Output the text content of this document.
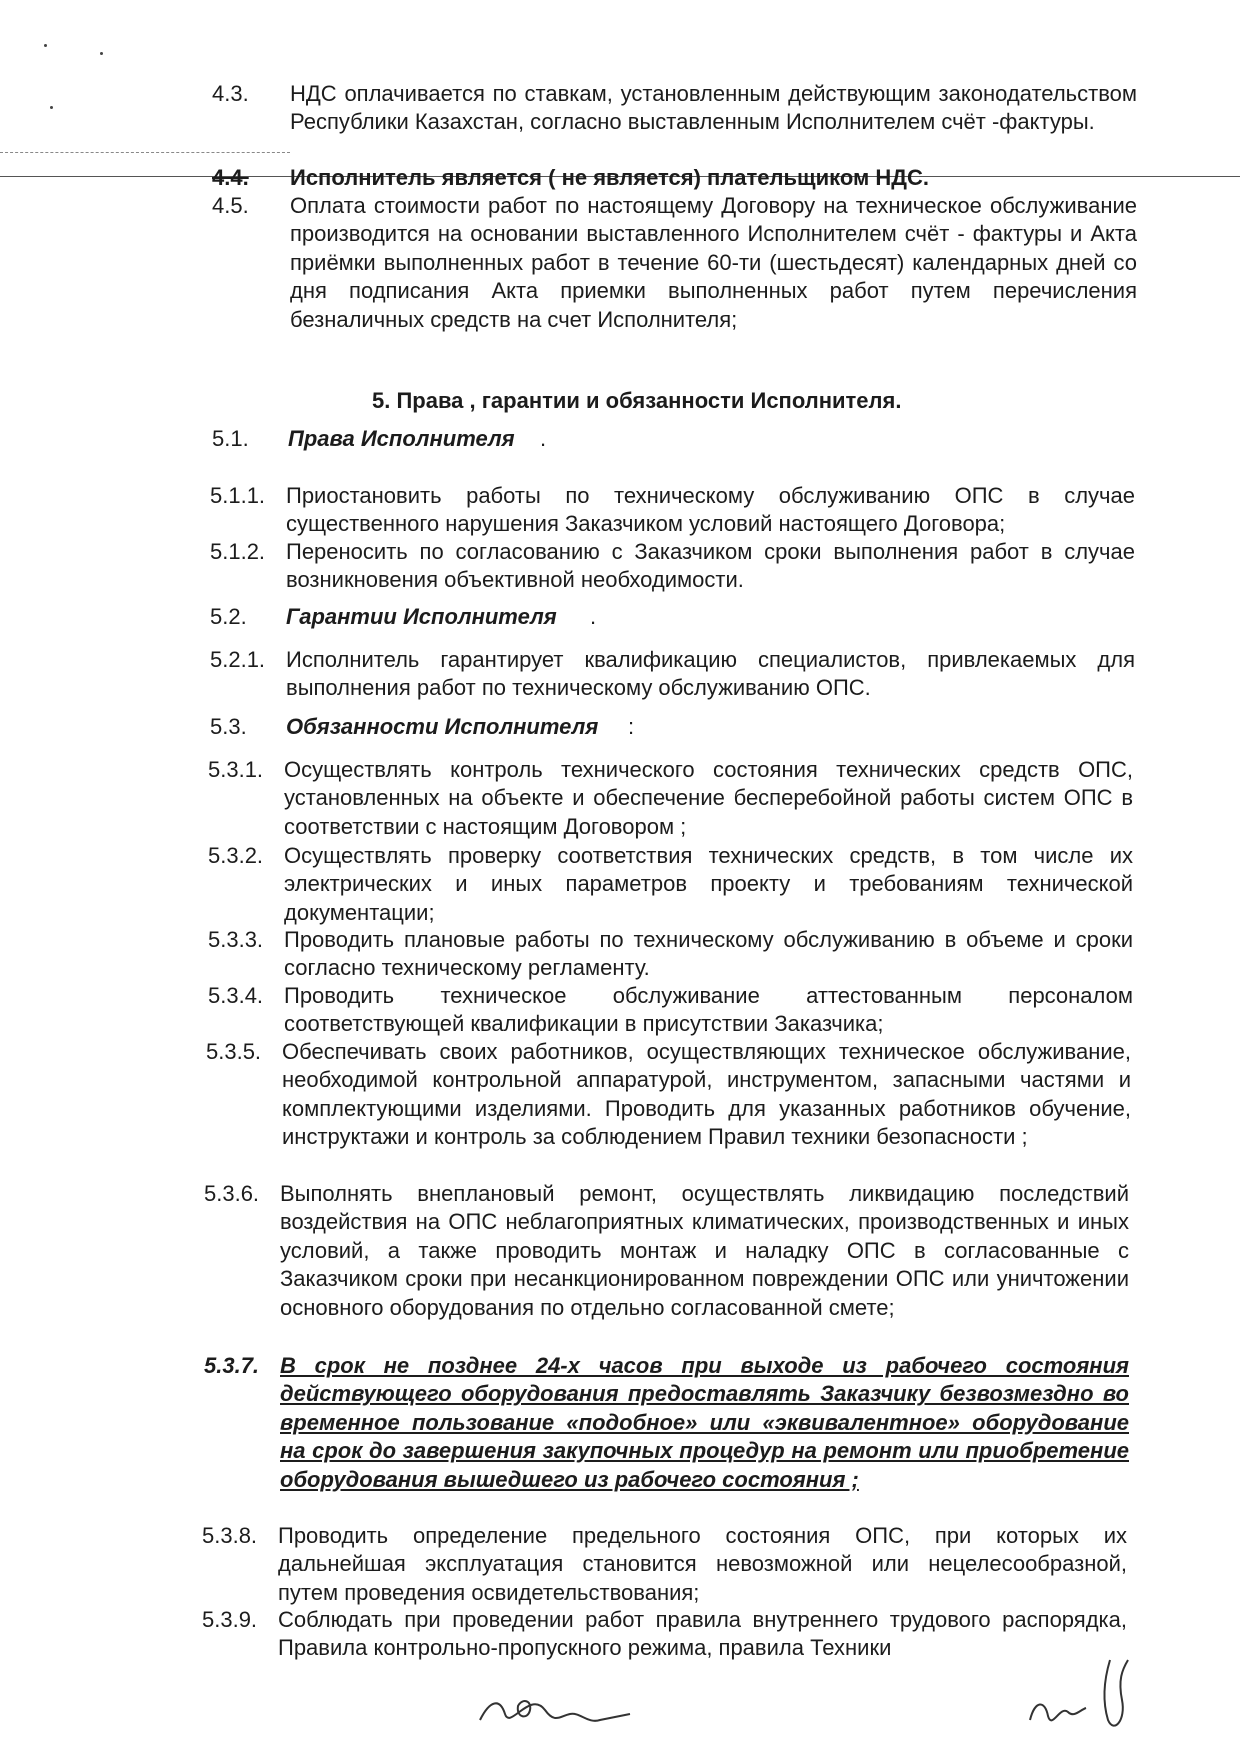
4.3. НДС оплачивается по ставкам, установленным действующим законодательством Республики Казахстан, согласно выставленным Исполнителем счёт -фактуры.
4.4. Исполнитель является ( не является) плательщиком НДС.
4.5. Оплата стоимости работ по настоящему Договору на техническое обслуживание производится на основании выставленного Исполнителем счёт - фактуры и Акта приёмки выполненных работ в течение 60-ти (шестьдесят) календарных дней со дня подписания Акта приемки выполненных работ путем перечисления безналичных средств на счет Исполнителя;
5. Права , гарантии и обязанности Исполнителя.
5.1. Права Исполнителя .
5.1.1. Приостановить работы по техническому обслуживанию ОПС в случае существенного нарушения Заказчиком условий настоящего Договора;
5.1.2. Переносить по согласованию с Заказчиком сроки выполнения работ в случае возникновения объективной необходимости.
5.2. Гарантии Исполнителя .
5.2.1. Исполнитель гарантирует квалификацию специалистов, привлекаемых для выполнения работ по техническому обслуживанию ОПС.
5.3. Обязанности Исполнителя :
5.3.1. Осуществлять контроль технического состояния технических средств ОПС, установленных на объекте и обеспечение бесперебойной работы систем ОПС в соответствии с настоящим Договором ;
5.3.2. Осуществлять проверку соответствия технических средств, в том числе их электрических и иных параметров проекту и требованиям технической документации;
5.3.3. Проводить плановые работы по техническому обслуживанию в объеме и сроки согласно техническому регламенту.
5.3.4. Проводить техническое обслуживание аттестованным персоналом соответствующей квалификации в присутствии Заказчика;
5.3.5. Обеспечивать своих работников, осуществляющих техническое обслуживание, необходимой контрольной аппаратурой, инструментом, запасными частями и комплектующими изделиями. Проводить для указанных работников обучение, инструктажи и контроль за соблюдением Правил техники безопасности ;
5.3.6. Выполнять внеплановый ремонт, осуществлять ликвидацию последствий воздействия на ОПС неблагоприятных климатических, производственных и иных условий, а также проводить монтаж и наладку ОПС в согласованные с Заказчиком сроки при несанкционированном повреждении ОПС или уничтожении основного оборудования по отдельно согласованной смете;
5.3.7. В срок не позднее 24-х часов при выходе из рабочего состояния действующего оборудования предоставлять Заказчику безвозмездно во временное пользование «подобное» или «эквивалентное» оборудование на срок до завершения закупочных процедур на ремонт или приобретение оборудования вышедшего из рабочего состояния ;
5.3.8. Проводить определение предельного состояния ОПС, при которых их дальнейшая эксплуатация становится невозможной или нецелесообразной, путем проведения освидетельствования;
5.3.9. Соблюдать при проведении работ правила внутреннего трудового распорядка, Правила контрольно-пропускного режима, правила Техники
